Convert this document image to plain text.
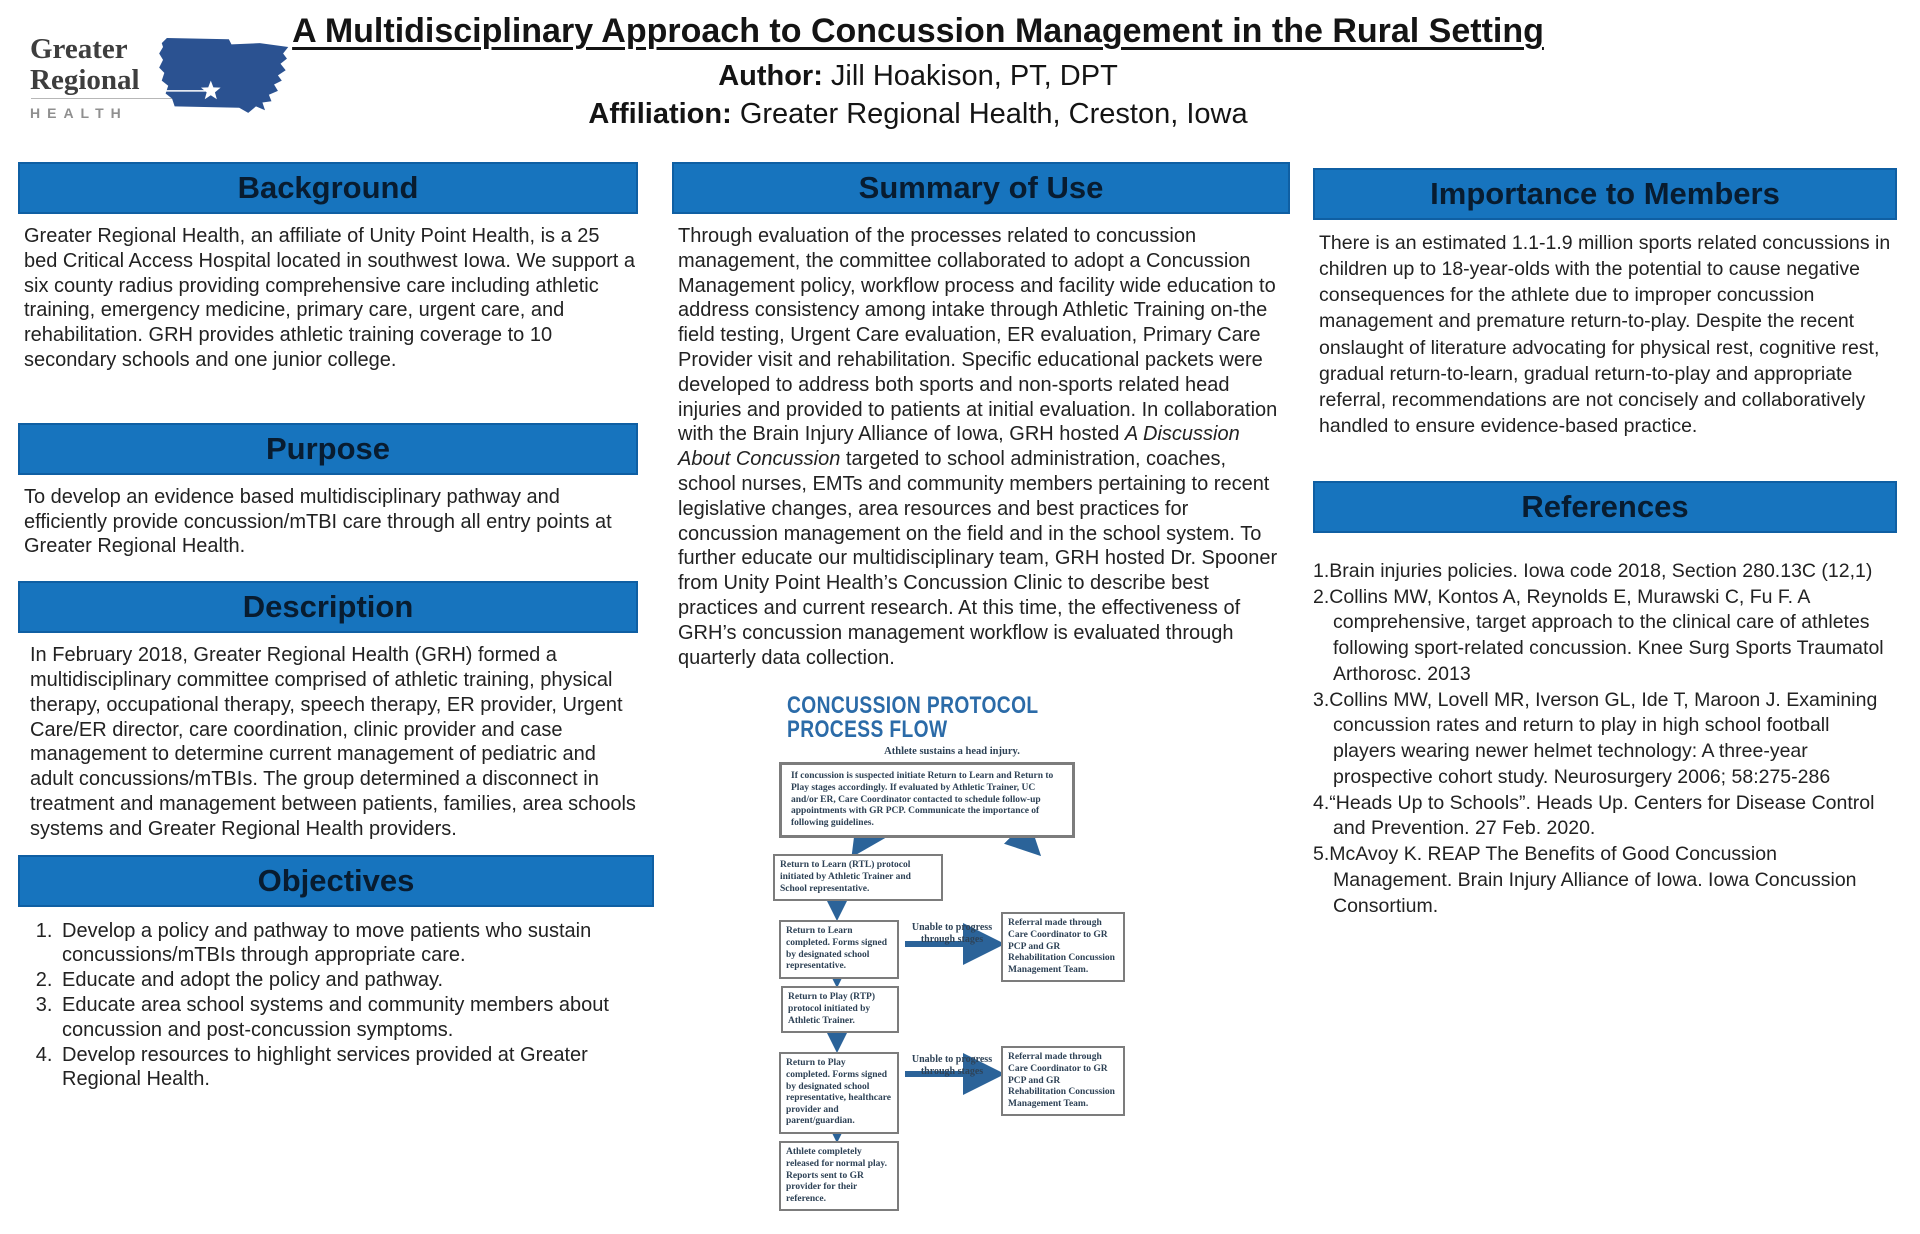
Greater
Regional
HEALTH
A Multidisciplinary Approach to Concussion Management in the Rural Setting
Author: Jill Hoakison, PT, DPT
Affiliation: Greater Regional Health, Creston, Iowa
Background
Greater Regional Health, an affiliate of Unity Point Health, is a 25 bed Critical Access Hospital located in southwest Iowa. We support a six county radius providing comprehensive care including athletic training, emergency medicine, primary care, urgent care, and rehabilitation. GRH provides athletic training coverage to 10 secondary schools and one junior college.
Purpose
To develop an evidence based multidisciplinary pathway and efficiently provide concussion/mTBI care through all entry points at Greater Regional Health.
Description
In February 2018, Greater Regional Health (GRH) formed a multidisciplinary committee comprised of athletic training, physical therapy, occupational therapy, speech therapy, ER provider, Urgent Care/ER director, care coordination, clinic provider and case management to determine current management of pediatric and adult concussions/mTBIs. The group determined a disconnect in treatment and management between patients, families, area schools systems and Greater Regional Health providers.
Objectives
1. Develop a policy and pathway to move patients who sustain concussions/mTBIs through appropriate care.
2. Educate and adopt the policy and pathway.
3. Educate area school systems and community members about concussion and post-concussion symptoms.
4. Develop resources to highlight services provided at Greater Regional Health.
Summary of Use
Through evaluation of the processes related to concussion management, the committee collaborated to adopt a Concussion Management policy, workflow process and facility wide education to address consistency among intake through Athletic Training on-the field testing, Urgent Care evaluation, ER evaluation, Primary Care Provider visit and rehabilitation. Specific educational packets were developed to address both sports and non-sports related head injuries and provided to patients at initial evaluation. In collaboration with the Brain Injury Alliance of Iowa, GRH hosted A Discussion About Concussion targeted to school administration, coaches, school nurses, EMTs and community members pertaining to recent legislative changes, area resources and best practices for concussion management on the field and in the school system. To further educate our multidisciplinary team, GRH hosted Dr. Spooner from Unity Point Health’s Concussion Clinic to describe best practices and current research. At this time, the effectiveness of GRH’s concussion management workflow is evaluated through quarterly data collection.
CONCUSSION PROTOCOL
PROCESS FLOW
Athlete sustains a head injury.
If concussion is suspected initiate Return to Learn and Return to Play stages accordingly. If evaluated by Athletic Trainer, UC and/or ER, Care Coordinator contacted to schedule follow-up appointments with GR PCP. Communicate the importance of following guidelines.
Return to Learn (RTL) protocol initiated by Athletic Trainer and School representative.
Return to Learn completed. Forms signed by designated school representative.
Unable to progress through stages
Referral made through Care Coordinator to GR PCP and GR Rehabilitation Concussion Management Team.
Return to Play (RTP) protocol initiated by Athletic Trainer.
Return to Play completed. Forms signed by designated school representative, healthcare provider and parent/guardian.
Unable to progress through stages
Referral made through Care Coordinator to GR PCP and GR Rehabilitation Concussion Management Team.
Athlete completely released for normal play. Reports sent to GR provider for their reference.
Importance to Members
There is an estimated 1.1-1.9 million sports related concussions in children up to 18-year-olds with the potential to cause negative consequences for the athlete due to improper concussion management and premature return-to-play. Despite the recent onslaught of literature advocating for physical rest, cognitive rest, gradual return-to-learn, gradual return-to-play and appropriate referral, recommendations are not concisely and collaboratively handled to ensure evidence-based practice.
References
Brain injuries policies. Iowa code 2018, Section 280.13C (12,1)
Collins MW, Kontos A, Reynolds E, Murawski C, Fu F. A comprehensive, target approach to the clinical care of athletes following sport-related concussion. Knee Surg Sports Traumatol Arthorosc. 2013
Collins MW, Lovell MR, Iverson GL, Ide T, Maroon J. Examining concussion rates and return to play in high school football players wearing newer helmet technology: A three-year prospective cohort study. Neurosurgery 2006; 58:275-286
“Heads Up to Schools”. Heads Up. Centers for Disease Control and Prevention. 27 Feb. 2020.
McAvoy K. REAP The Benefits of Good Concussion Management. Brain Injury Alliance of Iowa. Iowa Concussion Consortium.
